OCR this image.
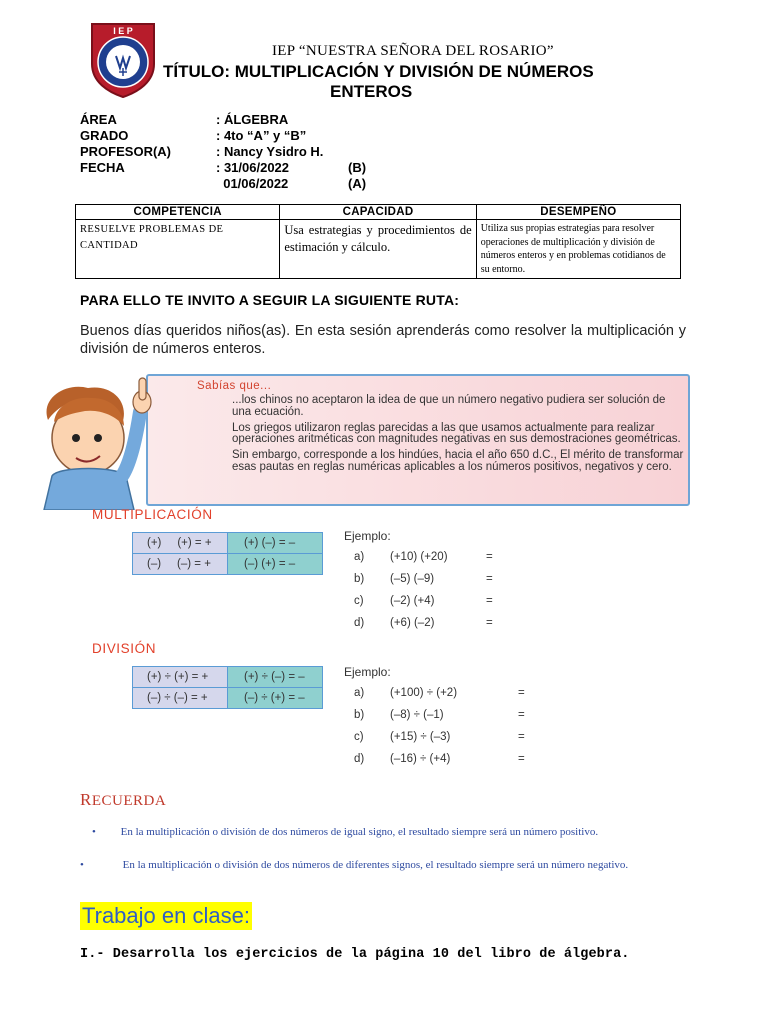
I E P
IEP “NUESTRA SEÑORA DEL ROSARIO”
TÍTULO: MULTIPLICACIÓN Y DIVISIÓN DE NÚMEROS
ENTEROS
ÁREA	: ÁLGEBRA
GRADO	: 4to “A” y “B”
PROFESOR(A)	: Nancy Ysidro H.
FECHA	: 31/06/2022	(B)
01/06/2022	(A)
COMPETENCIA	CAPACIDAD	DESEMPEÑO
RESUELVE PROBLEMAS DE CANTIDAD	Usa estrategias y procedimientos de estimación y cálculo.	Utiliza sus propias estrategias para resolver operaciones de multiplicación y división de números enteros y en problemas cotidianos de su entorno.
PARA ELLO TE INVITO A SEGUIR LA SIGUIENTE RUTA:
Buenos días queridos niños(as). En esta sesión aprenderás como resolver la multiplicación y división de números enteros.
Sabías que...

...los chinos no aceptaron la idea de que un número negativo pudiera ser solución de una ecuación.

Los griegos utilizaron reglas parecidas a las que usamos actualmente para realizar operaciones aritméticas con magnitudes negativas en sus demostraciones geométricas.

Sin embargo, corresponde a los hindúes, hacia el año 650 d.C., El mérito de transformar esas pautas en reglas numéricas aplicables a los números positivos, negativos y cero.

MULTIPLICACIÓN
(+)     (+) = +	(+) (–) = –
(–)     (–) = +	(–) (+) = –
Ejemplo:
a)	(+10) (+20)	=
b)	(–5) (–9)	=
c)	(–2) (+4)	=
d)	(+6) (–2)	=
DIVISIÓN
(+) ÷ (+) = +	(+) ÷ (–) = –
(–) ÷ (–) = +	(–) ÷ (+) = –
Ejemplo:
a)	(+100) ÷ (+2)	=
b)	(–8) ÷ (–1)	=
c)	(+15) ÷ (–3)	=
d)	(–16) ÷ (+4)	=
RECUERDA
• En la multiplicación o división de dos números de igual signo, el resultado siempre será un número positivo.
•	En la multiplicación o división de dos números de diferentes signos, el resultado siempre será un número negativo.
Trabajo en clase:
I.- Desarrolla los ejercicios de la página 10 del libro de álgebra.
